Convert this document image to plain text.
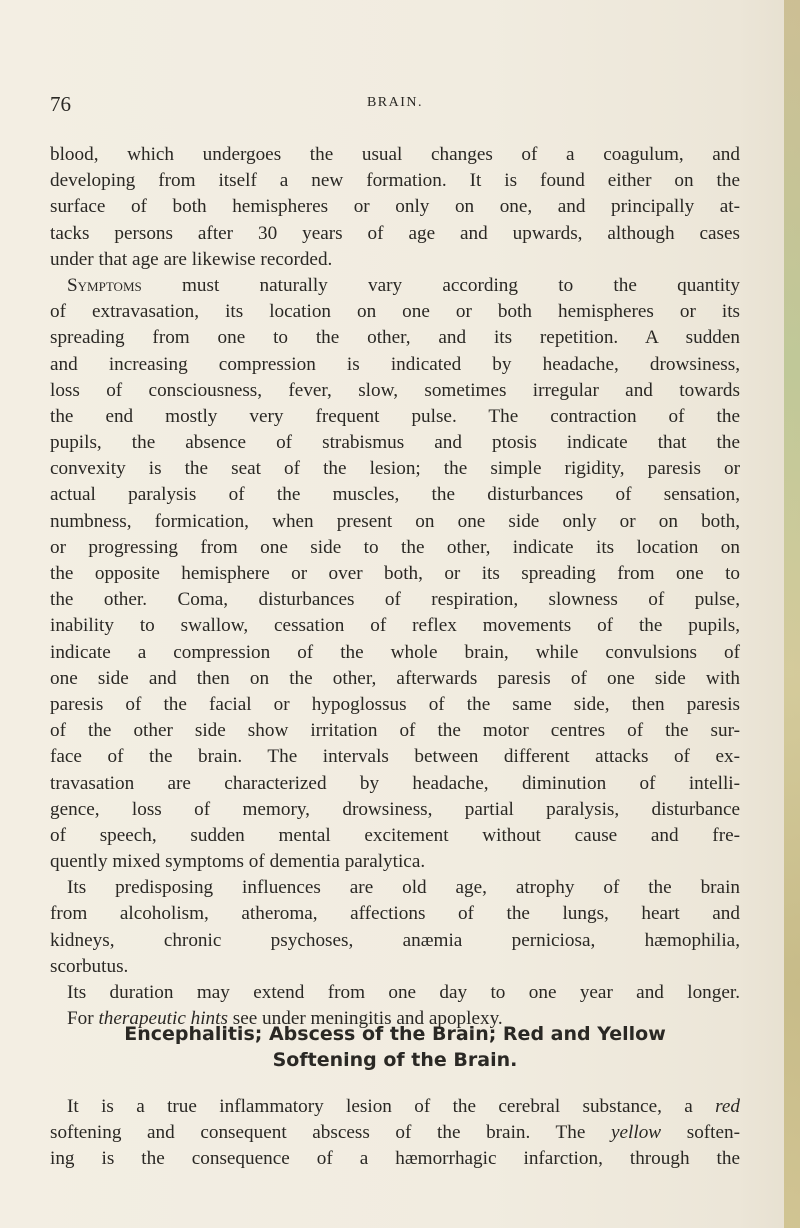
76	BRAIN.
blood, which undergoes the usual changes of a coagulum, and
developing from itself a new formation. It is found either on the
surface of both hemispheres or only on one, and principally at-
tacks persons after 30 years of age and upwards, although cases
under that age are likewise recorded.
Symptoms must naturally vary according to the quantity
of extravasation, its location on one or both hemispheres or its
spreading from one to the other, and its repetition. A sudden
and increasing compression is indicated by headache, drowsiness,
loss of consciousness, fever, slow, sometimes irregular and towards
the end mostly very frequent pulse. The contraction of the
pupils, the absence of strabismus and ptosis indicate that the
convexity is the seat of the lesion; the simple rigidity, paresis or
actual paralysis of the muscles, the disturbances of sensation,
numbness, formication, when present on one side only or on both,
or progressing from one side to the other, indicate its location on
the opposite hemisphere or over both, or its spreading from one to
the other. Coma, disturbances of respiration, slowness of pulse,
inability to swallow, cessation of reflex movements of the pupils,
indicate a compression of the whole brain, while convulsions of
one side and then on the other, afterwards paresis of one side with
paresis of the facial or hypoglossus of the same side, then paresis
of the other side show irritation of the motor centres of the sur-
face of the brain. The intervals between different attacks of ex-
travasation are characterized by headache, diminution of intelli-
gence, loss of memory, drowsiness, partial paralysis, disturbance
of speech, sudden mental excitement without cause and fre-
quently mixed symptoms of dementia paralytica.
Its predisposing influences are old age, atrophy of the brain
from alcoholism, atheroma, affections of the lungs, heart and
kidneys, chronic psychoses, anæmia perniciosa, hæmophilia,
scorbutus.
Its duration may extend from one day to one year and longer.
For therapeutic hints see under meningitis and apoplexy.
Encephalitis; Abscess of the Brain; Red and Yellow
Softening of the Brain.
It is a true inflammatory lesion of the cerebral substance, a red
softening and consequent abscess of the brain. The yellow soften-
ing is the consequence of a hæmorrhagic infarction, through the
